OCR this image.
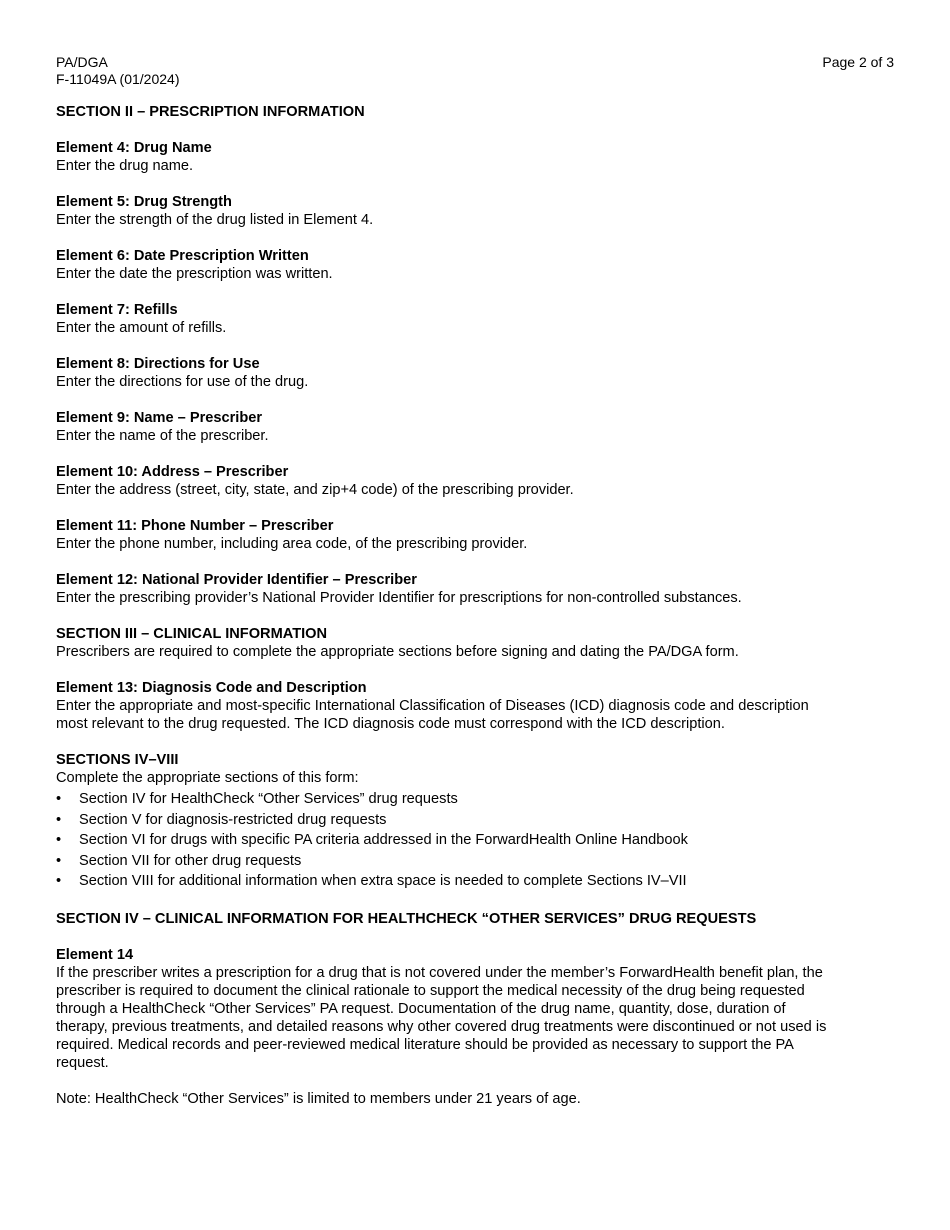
PA/DGA
F-11049A (01/2024)
Page 2 of 3
SECTION II – PRESCRIPTION INFORMATION
Element 4: Drug Name
Enter the drug name.
Element 5: Drug Strength
Enter the strength of the drug listed in Element 4.
Element 6: Date Prescription Written
Enter the date the prescription was written.
Element 7: Refills
Enter the amount of refills.
Element 8: Directions for Use
Enter the directions for use of the drug.
Element 9: Name – Prescriber
Enter the name of the prescriber.
Element 10: Address – Prescriber
Enter the address (street, city, state, and zip+4 code) of the prescribing provider.
Element 11: Phone Number – Prescriber
Enter the phone number, including area code, of the prescribing provider.
Element 12: National Provider Identifier – Prescriber
Enter the prescribing provider’s National Provider Identifier for prescriptions for non-controlled substances.
SECTION III – CLINICAL INFORMATION
Prescribers are required to complete the appropriate sections before signing and dating the PA/DGA form.
Element 13: Diagnosis Code and Description
Enter the appropriate and most-specific International Classification of Diseases (ICD) diagnosis code and description
most relevant to the drug requested. The ICD diagnosis code must correspond with the ICD description.
SECTIONS IV–VIII
Complete the appropriate sections of this form:
• Section IV for HealthCheck “Other Services” drug requests
• Section V for diagnosis-restricted drug requests
• Section VI for drugs with specific PA criteria addressed in the ForwardHealth Online Handbook
• Section VII for other drug requests
• Section VIII for additional information when extra space is needed to complete Sections IV–VII
SECTION IV – CLINICAL INFORMATION FOR HEALTHCHECK “OTHER SERVICES” DRUG REQUESTS
Element 14
If the prescriber writes a prescription for a drug that is not covered under the member’s ForwardHealth benefit plan, the
prescriber is required to document the clinical rationale to support the medical necessity of the drug being requested
through a HealthCheck “Other Services” PA request. Documentation of the drug name, quantity, dose, duration of
therapy, previous treatments, and detailed reasons why other covered drug treatments were discontinued or not used is
required. Medical records and peer-reviewed medical literature should be provided as necessary to support the PA
request.
Note: HealthCheck “Other Services” is limited to members under 21 years of age.
